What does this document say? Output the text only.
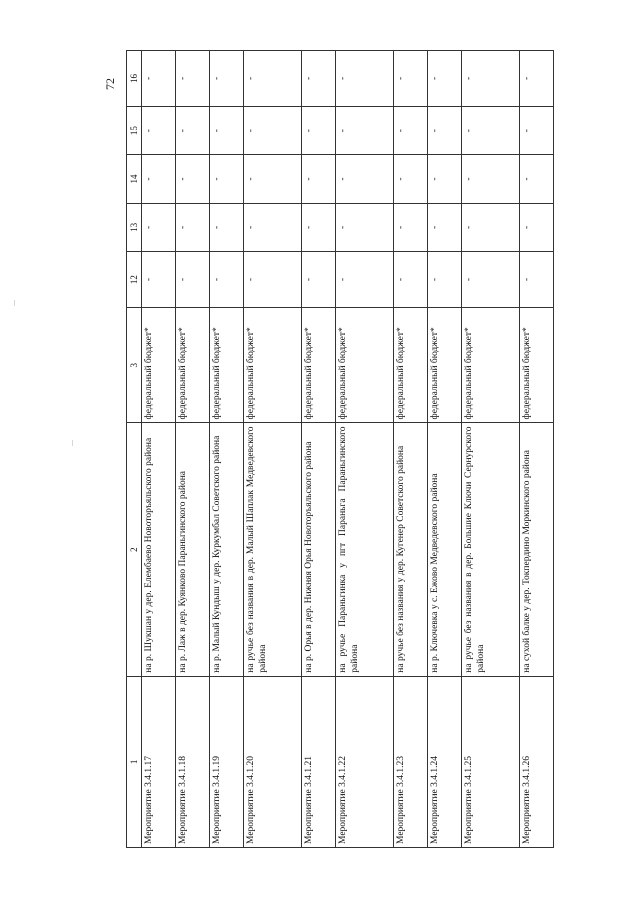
72
1	2	3	12	13	14	15	16
Мероприятие 3.4.1.17	на р. Шукшан у дер. Елембаево Новоторъяльского района	федеральный бюджет*	-	-	-	-	-
Мероприятие 3.4.1.18	на р. Лаж в дер. Куянково Параньгинского района	федеральный бюджет*	-	-	-	-	-
Мероприятие 3.4.1.19	на р. Малый Кундыш у дер. Куркумбал Советского района	федеральный бюджет*	-	-	-	-	-
Мероприятие 3.4.1.20	на ручье без названия в дер. Малый Шаплак Медведевского района	федеральный бюджет*	-	-	-	-	-
Мероприятие 3.4.1.21	на р. Орья в дер. Нижняя Орья Новоторъяльского района	федеральный бюджет*	-	-	-	-	-
Мероприятие 3.4.1.22	на ручье Параньгинка у пгт Параньга Параньгинского района	федеральный бюджет*	-	-	-	-	-
Мероприятие 3.4.1.23	на ручье без названия у дер. Кугенер Советского района	федеральный бюджет*	-	-	-	-	-
Мероприятие 3.4.1.24	на р. Ключевка у с. Ежово Медведевского района	федеральный бюджет*	-	-	-	-	-
Мероприятие 3.4.1.25	на ручье без названия в дер. Большие Ключи Сернурского района	федеральный бюджет*	-	-	-	-	-
Мероприятие 3.4.1.26	на сухой балке у дер. Токпердино Моркинского района	федеральный бюджет*	-	-	-	-	-
